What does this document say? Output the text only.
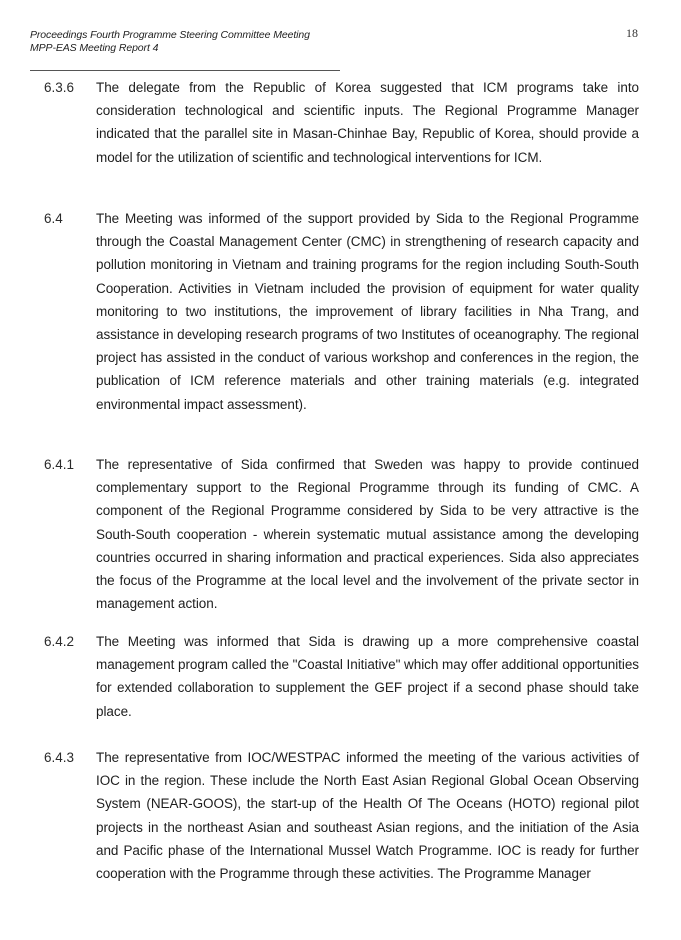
Proceedings Fourth Programme Steering Committee Meeting
MPP-EAS Meeting Report 4
18
6.3.6 The delegate from the Republic of Korea suggested that ICM programs take into consideration technological and scientific inputs. The Regional Programme Manager indicated that the parallel site in Masan-Chinhae Bay, Republic of Korea, should provide a model for the utilization of scientific and technological interventions for ICM.
6.4 The Meeting was informed of the support provided by Sida to the Regional Programme through the Coastal Management Center (CMC) in strengthening of research capacity and pollution monitoring in Vietnam and training programs for the region including South-South Cooperation. Activities in Vietnam included the provision of equipment for water quality monitoring to two institutions, the improvement of library facilities in Nha Trang, and assistance in developing research programs of two Institutes of oceanography. The regional project has assisted in the conduct of various workshop and conferences in the region, the publication of ICM reference materials and other training materials (e.g. integrated environmental impact assessment).
6.4.1 The representative of Sida confirmed that Sweden was happy to provide continued complementary support to the Regional Programme through its funding of CMC. A component of the Regional Programme considered by Sida to be very attractive is the South-South cooperation - wherein systematic mutual assistance among the developing countries occurred in sharing information and practical experiences. Sida also appreciates the focus of the Programme at the local level and the involvement of the private sector in management action.
6.4.2 The Meeting was informed that Sida is drawing up a more comprehensive coastal management program called the "Coastal Initiative" which may offer additional opportunities for extended collaboration to supplement the GEF project if a second phase should take place.
6.4.3 The representative from IOC/WESTPAC informed the meeting of the various activities of IOC in the region. These include the North East Asian Regional Global Ocean Observing System (NEAR-GOOS), the start-up of the Health Of The Oceans (HOTO) regional pilot projects in the northeast Asian and southeast Asian regions, and the initiation of the Asia and Pacific phase of the International Mussel Watch Programme. IOC is ready for further cooperation with the Programme through these activities. The Programme Manager
